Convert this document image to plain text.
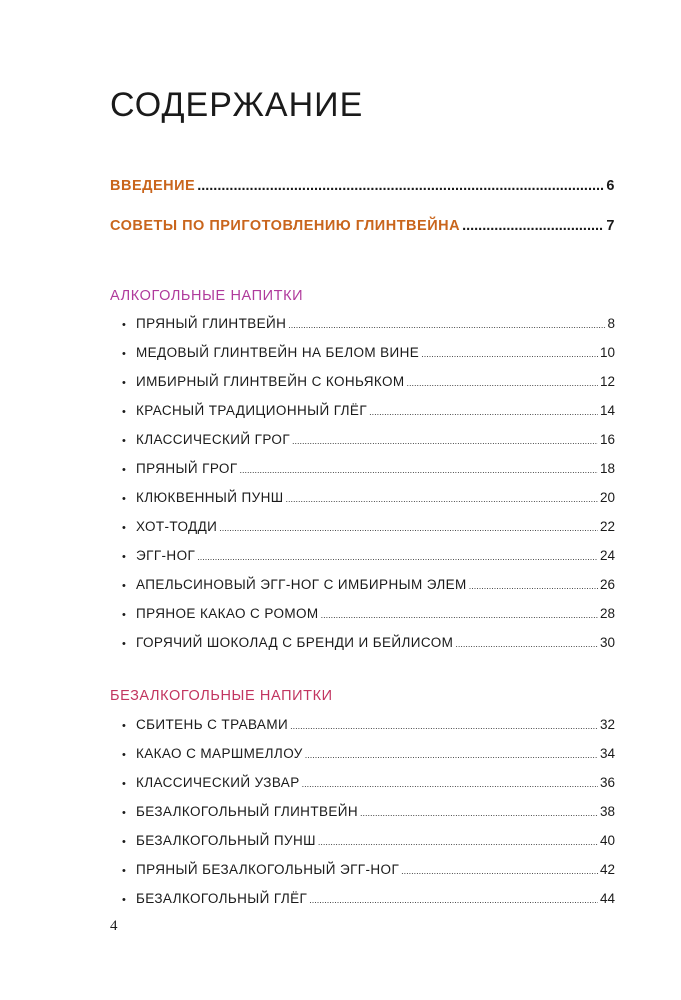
СОДЕРЖАНИЕ
ВВЕДЕНИЕ .....	6
СОВЕТЫ ПО ПРИГОТОВЛЕНИЮ ГЛИНТВЕЙНА .....	7
АЛКОГОЛЬНЫЕ НАПИТКИ
• ПРЯНЫЙ ГЛИНТВЕЙН .....	8
• МЕДОВЫЙ ГЛИНТВЕЙН НА БЕЛОМ ВИНЕ .....	10
• ИМБИРНЫЙ ГЛИНТВЕЙН С КОНЬЯКОМ .....	12
• КРАСНЫЙ ТРАДИЦИОННЫЙ ГЛЁГ .....	14
• КЛАССИЧЕСКИЙ ГРОГ .....	16
• ПРЯНЫЙ ГРОГ .....	18
• КЛЮКВЕННЫЙ ПУНШ .....	20
• ХОТ-ТОДДИ .....	22
• ЭГГ-НОГ .....	24
• АПЕЛЬСИНОВЫЙ ЭГГ-НОГ С ИМБИРНЫМ ЭЛЕМ .....	26
• ПРЯНОЕ КАКАО С РОМОМ .....	28
• ГОРЯЧИЙ ШОКОЛАД С БРЕНДИ И БЕЙЛИСОМ .....	30
БЕЗАЛКОГОЛЬНЫЕ НАПИТКИ
• СБИТЕНЬ С ТРАВАМИ .....	32
• КАКАО С МАРШМЕЛЛОУ .....	34
• КЛАССИЧЕСКИЙ УЗВАР .....	36
• БЕЗАЛКОГОЛЬНЫЙ ГЛИНТВЕЙН .....	38
• БЕЗАЛКОГОЛЬНЫЙ ПУНШ .....	40
• ПРЯНЫЙ БЕЗАЛКОГОЛЬНЫЙ ЭГГ-НОГ .....	42
• БЕЗАЛКОГОЛЬНЫЙ ГЛЁГ .....	44
4
